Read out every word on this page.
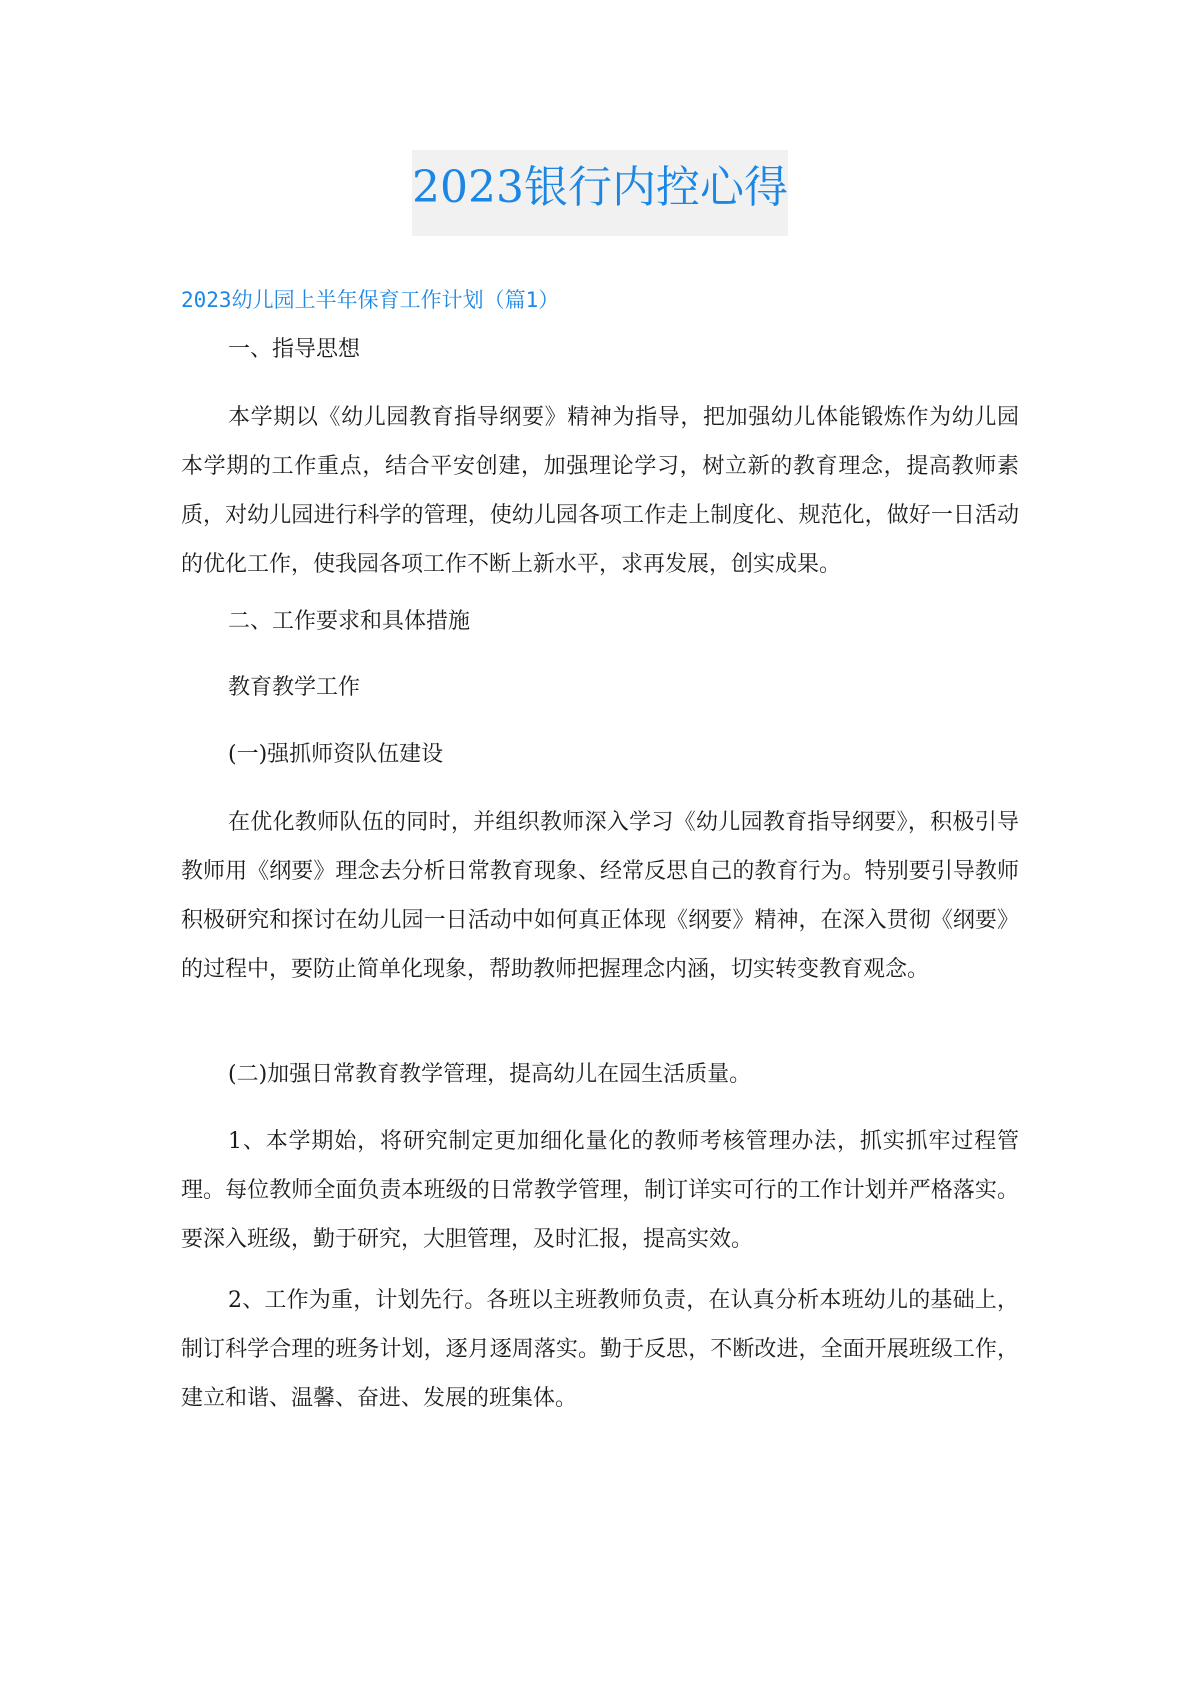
2023银行内控心得
2023幼儿园上半年保育工作计划（篇1）
一、指导思想
本学期以《幼儿园教育指导纲要》精神为指导，把加强幼儿体能锻炼作为幼儿园本学期的工作重点，结合平安创建，加强理论学习，树立新的教育理念，提高教师素质，对幼儿园进行科学的管理，使幼儿园各项工作走上制度化、规范化，做好一日活动的优化工作，使我园各项工作不断上新水平，求再发展，创实成果。
二、工作要求和具体措施
教育教学工作
(一)强抓师资队伍建设
在优化教师队伍的同时，并组织教师深入学习《幼儿园教育指导纲要》，积极引导教师用《纲要》理念去分析日常教育现象、经常反思自己的教育行为。特别要引导教师积极研究和探讨在幼儿园一日活动中如何真正体现《纲要》精神，在深入贯彻《纲要》的过程中，要防止简单化现象，帮助教师把握理念内涵，切实转变教育观念。
(二)加强日常教育教学管理，提高幼儿在园生活质量。
1、本学期始，将研究制定更加细化量化的教师考核管理办法，抓实抓牢过程管理。每位教师全面负责本班级的日常教学管理，制订详实可行的工作计划并严格落实。要深入班级，勤于研究，大胆管理，及时汇报，提高实效。
2、工作为重，计划先行。各班以主班教师负责，在认真分析本班幼儿的基础上，制订科学合理的班务计划，逐月逐周落实。勤于反思，不断改进，全面开展班级工作，建立和谐、温馨、奋进、发展的班集体。
